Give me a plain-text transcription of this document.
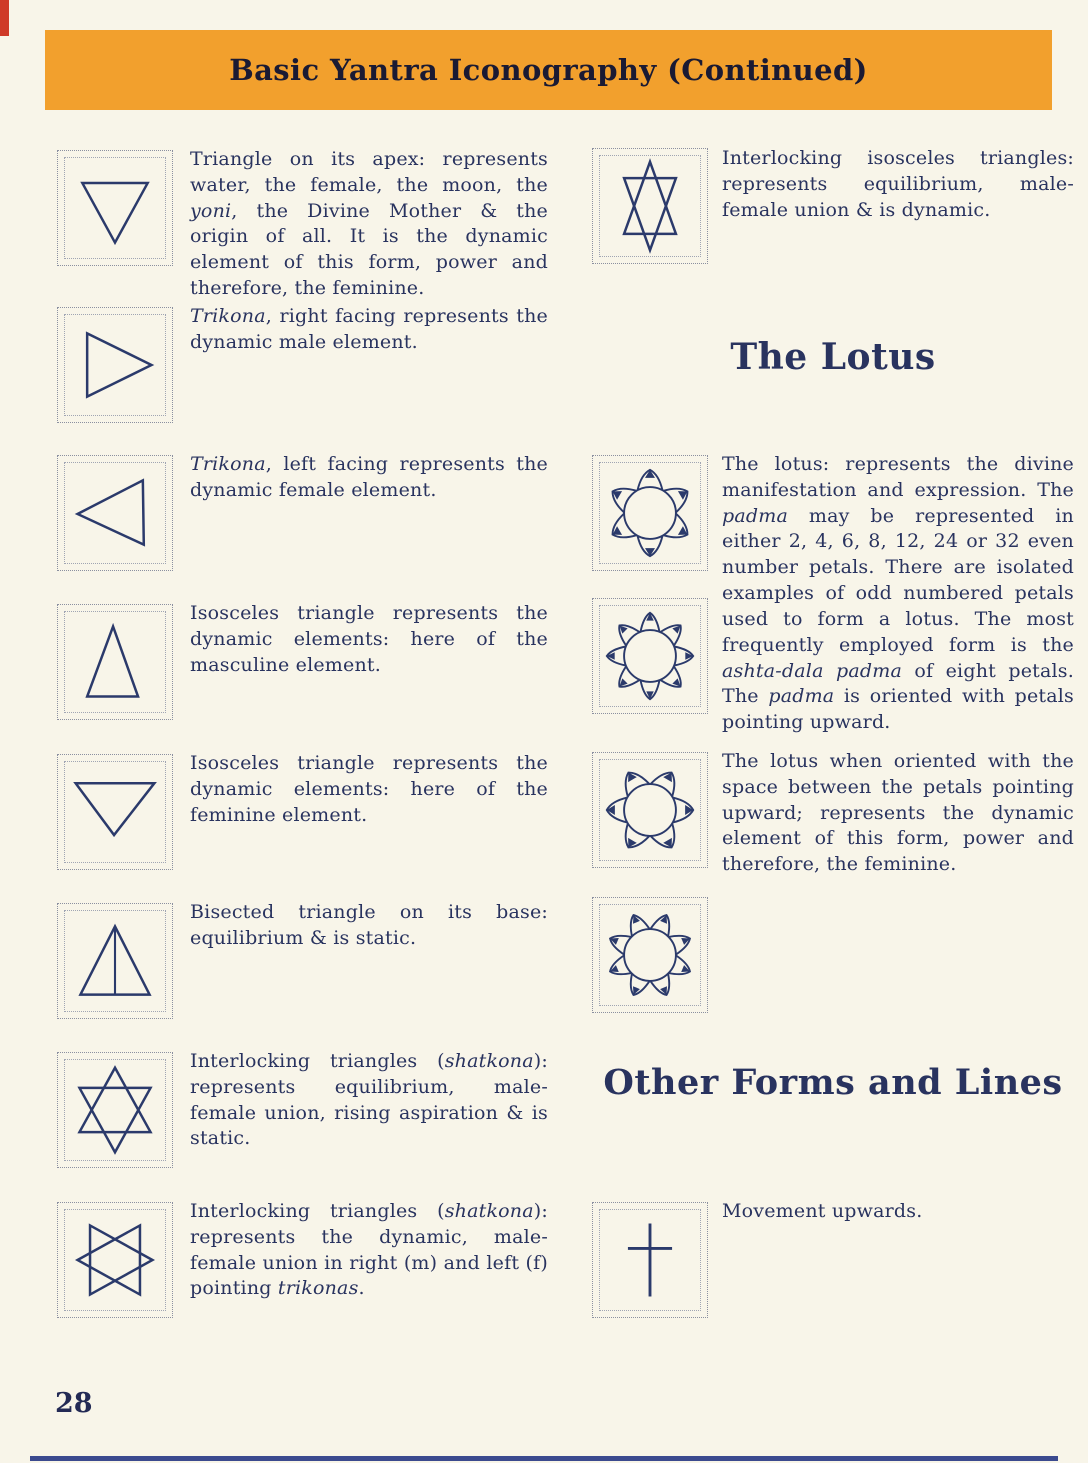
Basic Yantra Iconography (Continued)

Triangle on its apex: represents water, the female, the moon, the yoni, the Divine Mother & the origin of all. It is the dynamic element of this form, power and therefore, the feminine.

Trikona, right facing represents the dynamic male element.

Trikona, left facing represents the dynamic female element.

Isosceles triangle represents the dynamic elements: here of the masculine element.

Isosceles triangle represents the dynamic elements: here of the feminine element.

Bisected triangle on its base: equilibrium & is static.

Interlocking triangles (shatkona): represents equilibrium, male-female union, rising aspiration & is static.

Interlocking triangles (shatkona): represents the dynamic, male-female union in right (m) and left (f) pointing trikonas.

Interlocking isosceles triangles: represents equilibrium, male-female union & is dynamic.

The Lotus

The lotus: represents the divine manifestation and expression. The padma may be represented in either 2, 4, 6, 8, 12, 24 or 32 even number petals. There are isolated examples of odd numbered petals used to form a lotus. The most frequently employed form is the ashta-dala padma of eight petals. The padma is oriented with petals pointing upward.

The lotus when oriented with the space between the petals pointing upward; represents the dynamic element of this form, power and therefore, the feminine.

Other Forms and Lines

Movement upwards.

28
